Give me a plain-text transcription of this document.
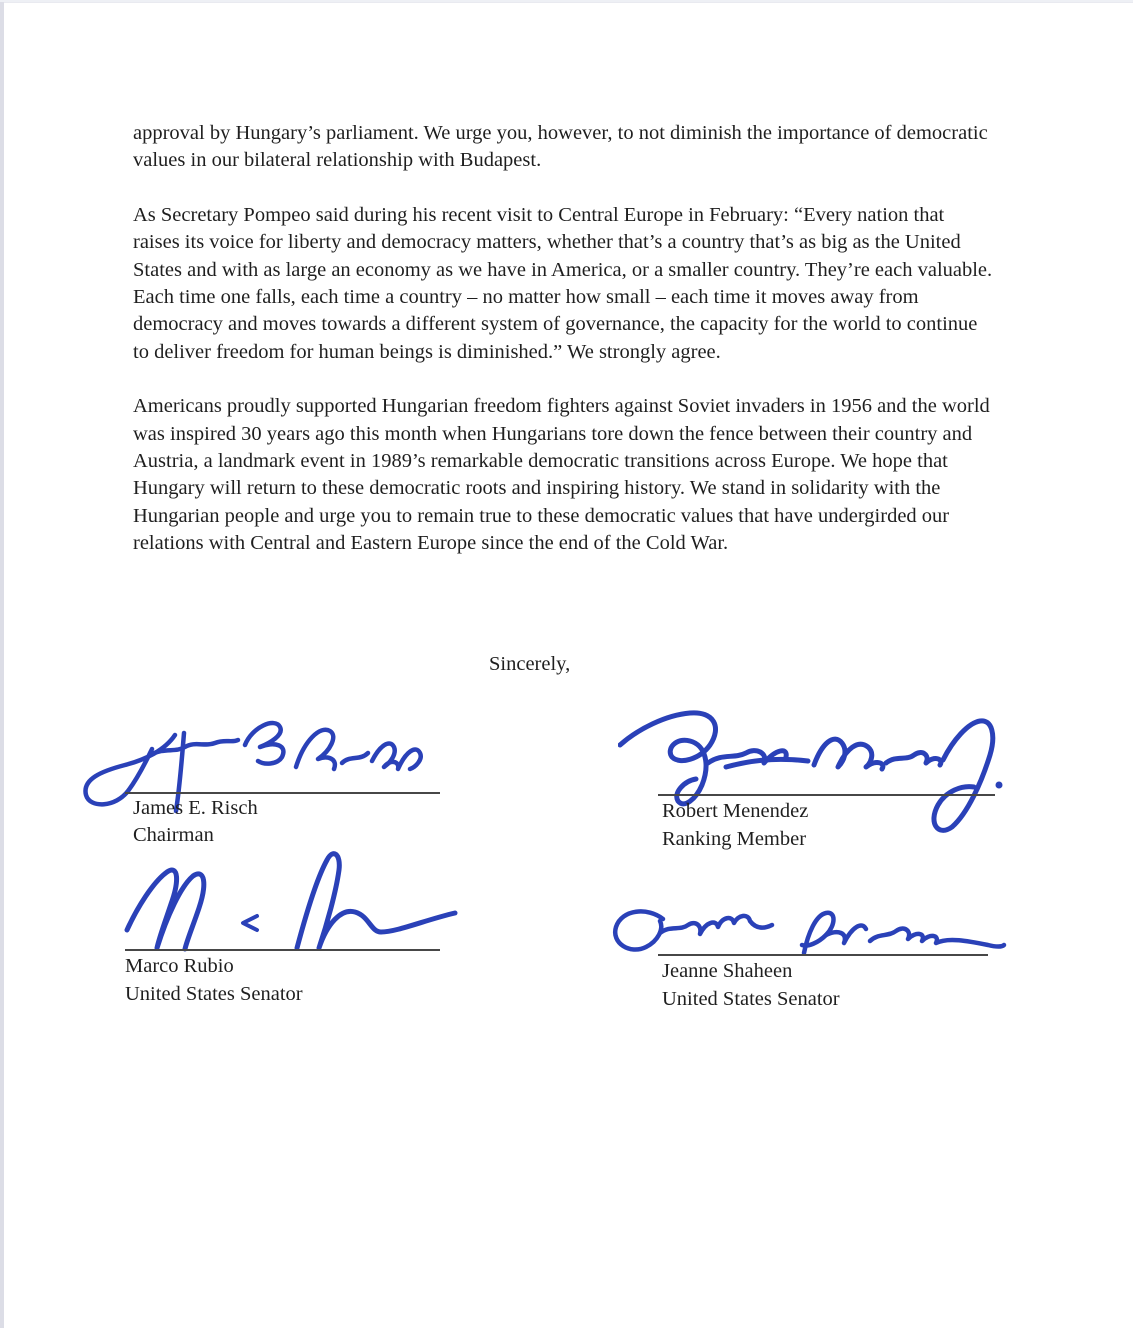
approval by Hungary’s parliament. We urge you, however, to not diminish the importance of democratic values in our bilateral relationship with Budapest.

As Secretary Pompeo said during his recent visit to Central Europe in February: “Every nation that raises its voice for liberty and democracy matters, whether that’s a country that’s as big as the United States and with as large an economy as we have in America, or a smaller country. They’re each valuable. Each time one falls, each time a country – no matter how small – each time it moves away from democracy and moves towards a different system of governance, the capacity for the world to continue to deliver freedom for human beings is diminished.” We strongly agree.

Americans proudly supported Hungarian freedom fighters against Soviet invaders in 1956 and the world was inspired 30 years ago this month when Hungarians tore down the fence between their country and Austria, a landmark event in 1989’s remarkable democratic transitions across Europe. We hope that Hungary will return to these democratic roots and inspiring history. We stand in solidarity with the Hungarian people and urge you to remain true to these democratic values that have undergirded our relations with Central and Eastern Europe since the end of the Cold War.

Sincerely,
James E. Risch
Chairman
Robert Menendez
Ranking Member
Marco Rubio
United States Senator
Jeanne Shaheen
United States Senator
